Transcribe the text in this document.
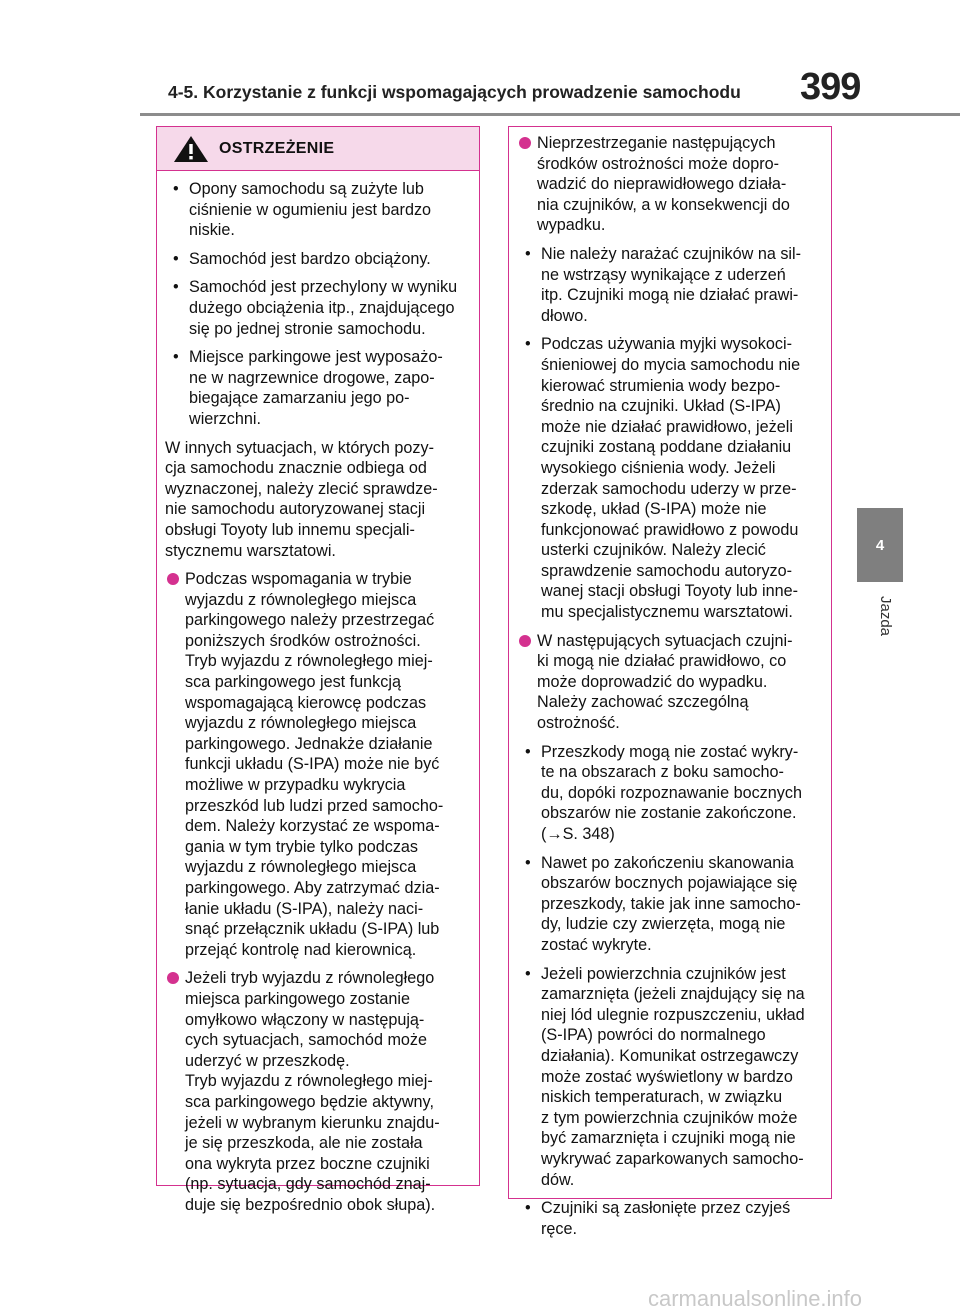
4-5. Korzystanie z funkcji wspomagających prowadzenie samochodu 399
4
Jazda
OSTRZEŻENIE
• Opony samochodu są zużyte lub
ciśnienie w ogumieniu jest bardzo
niskie.
• Samochód jest bardzo obciążony.
• Samochód jest przechylony w wyniku
dużego obciążenia itp., znajdującego
się po jednej stronie samochodu.
• Miejsce parkingowe jest wyposażo-
ne w nagrzewnice drogowe, zapo-
biegające zamarzaniu jego po-
wierzchni.

W innych sytuacjach, w których pozy-
cja samochodu znacznie odbiega od
wyznaczonej, należy zlecić sprawdze-
nie samochodu autoryzowanej stacji
obsługi Toyoty lub innemu specjali-
stycznemu warsztatowi.

Podczas wspomagania w trybie
wyjazdu z równoległego miejsca
parkingowego należy przestrzegać
poniższych środków ostrożności.
Tryb wyjazdu z równoległego miej-
sca parkingowego jest funkcją
wspomagającą kierowcę podczas
wyjazdu z równoległego miejsca
parkingowego. Jednakże działanie
funkcji układu (S-IPA) może nie być
możliwe w przypadku wykrycia
przeszkód lub ludzi przed samocho-
dem. Należy korzystać ze wspoma-
gania w tym trybie tylko podczas
wyjazdu z równoległego miejsca
parkingowego. Aby zatrzymać dzia-
łanie układu (S-IPA), należy naci-
snąć przełącznik układu (S-IPA) lub
przejąć kontrolę nad kierownicą.
Jeżeli tryb wyjazdu z równoległego
miejsca parkingowego zostanie
omyłkowo włączony w następują-
cych sytuacjach, samochód może
uderzyć w przeszkodę.
Tryb wyjazdu z równoległego miej-
sca parkingowego będzie aktywny,
jeżeli w wybranym kierunku znajdu-
je się przeszkoda, ale nie została
ona wykryta przez boczne czujniki
(np. sytuacja, gdy samochód znaj-
duje się bezpośrednio obok słupa).
Nieprzestrzeganie następujących
środków ostrożności może dopro-
wadzić do nieprawidłowego działa-
nia czujników, a w konsekwencji do
wypadku.
• Nie należy narażać czujników na sil-
ne wstrząsy wynikające z uderzeń
itp. Czujniki mogą nie działać prawi-
dłowo.
• Podczas używania myjki wysokoci-
śnieniowej do mycia samochodu nie
kierować strumienia wody bezpo-
średnio na czujniki. Układ (S-IPA)
może nie działać prawidłowo, jeżeli
czujniki zostaną poddane działaniu
wysokiego ciśnienia wody. Jeżeli
zderzak samochodu uderzy w prze-
szkodę, układ (S-IPA) może nie
funkcjonować prawidłowo z powodu
usterki czujników. Należy zlecić
sprawdzenie samochodu autoryzo-
wanej stacji obsługi Toyoty lub inne-
mu specjalistycznemu warsztatowi.
W następujących sytuacjach czujni-
ki mogą nie działać prawidłowo, co
może doprowadzić do wypadku.
Należy zachować szczególną
ostrożność.
• Przeszkody mogą nie zostać wykry-
te na obszarach z boku samocho-
du, dopóki rozpoznawanie bocznych
obszarów nie zostanie zakończone.
(→S. 348)
• Nawet po zakończeniu skanowania
obszarów bocznych pojawiające się
przeszkody, takie jak inne samocho-
dy, ludzie czy zwierzęta, mogą nie
zostać wykryte.
• Jeżeli powierzchnia czujników jest
zamarznięta (jeżeli znajdujący się na
niej lód ulegnie rozpuszczeniu, układ
(S-IPA) powróci do normalnego
działania). Komunikat ostrzegawczy
może zostać wyświetlony w bardzo
niskich temperaturach, w związku
z tym powierzchnia czujników może
być zamarznięta i czujniki mogą nie
wykrywać zaparkowanych samocho-
dów.
• Czujniki są zasłonięte przez czyjeś
ręce.
carmanualsonline.info
